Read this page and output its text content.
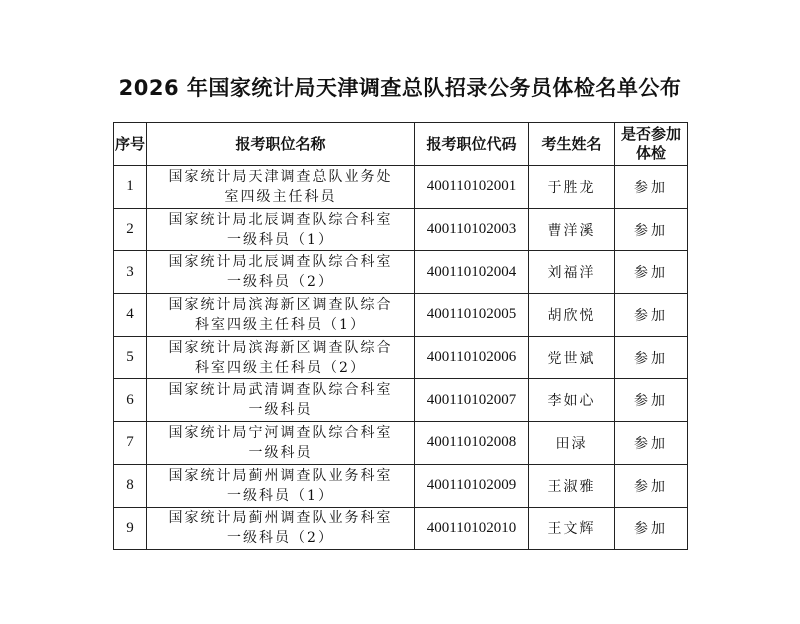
2026 年国家统计局天津调查总队招录公务员体检名单公布
序号	报考职位名称	报考职位代码	考生姓名	是否参加体检
1	国家统计局天津调查总队业务处室四级主任科员	400110102001	于胜龙	参加
2	国家统计局北辰调查队综合科室一级科员（1）	400110102003	曹洋溪	参加
3	国家统计局北辰调查队综合科室一级科员（2）	400110102004	刘福洋	参加
4	国家统计局滨海新区调查队综合科室四级主任科员（1）	400110102005	胡欣悦	参加
5	国家统计局滨海新区调查队综合科室四级主任科员（2）	400110102006	党世斌	参加
6	国家统计局武清调查队综合科室一级科员	400110102007	李如心	参加
7	国家统计局宁河调查队综合科室一级科员	400110102008	田渌	参加
8	国家统计局蓟州调查队业务科室一级科员（1）	400110102009	王淑雅	参加
9	国家统计局蓟州调查队业务科室一级科员（2）	400110102010	王文辉	参加
